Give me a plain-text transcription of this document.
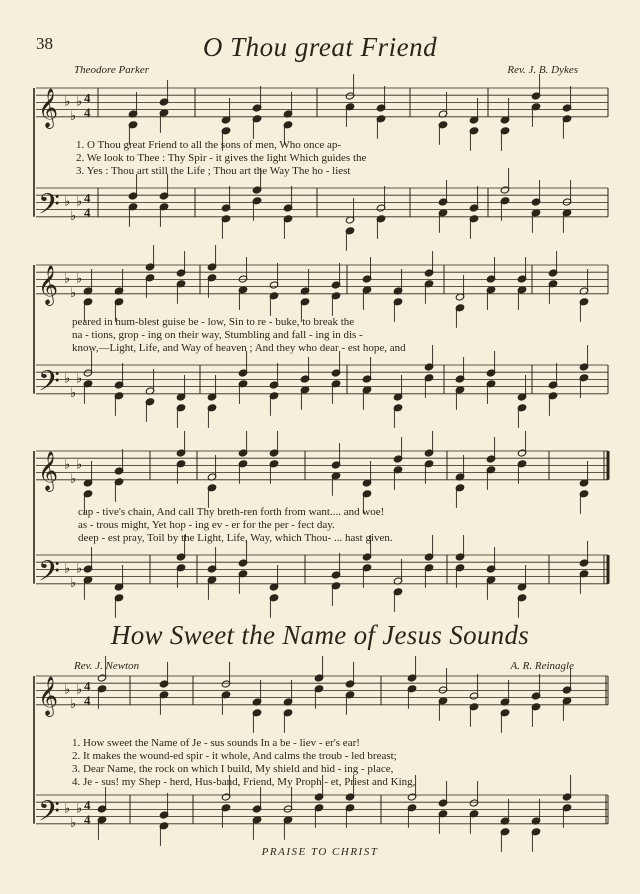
38	O Thou great Friend
Theodore Parker	Rev. J. B. Dykes
1. O Thou great Friend to all the sons of men, Who once ap-
2. We look to Thee : Thy Spir - it gives the light Which guides the
3. Yes : Thou art still the Life ; Thou art the Way The ho - liest
peared in hum-blest guise be - low, Sin to re - buke, to break the
na - tions, grop - ing on their way, Stumbling and fall - ing in dis -
know,—Light, Life, and Way of heaven ; And they who dear - est hope, and
cap - tive's chain, And call Thy breth-ren forth from want.... and woe!
as - trous might, Yet hop - ing ev - er for the per - fect day.
deep - est pray, Toil by the Light, Life, Way, which Thou- ... hast given.
How Sweet the Name of Jesus Sounds
Rev. J. Newton	A. R. Reinagle
1. How sweet the Name of Je - sus sounds In a be - liev - er's ear!
2. It makes the wound-ed spir - it whole, And calms the troub - led breast;
3. Dear Name, the rock on which I build, My shield and hid - ing - place,
4. Je - sus! my Shep - herd, Hus-band, Friend, My Proph - et, Priest and King,
PRAISE TO CHRIST
𝄞 ♭
♭
♭ 4
4
𝄢 ♭
♭
♭ 4
4
𝄞 ♭
♭
♭
𝄢 ♭
♭
♭
𝄞 ♭
♭
♭
𝄢 ♭
♭
♭
𝄞 ♭
♭
♭ 4
4
𝄢 ♭
♭
♭ 4
4
